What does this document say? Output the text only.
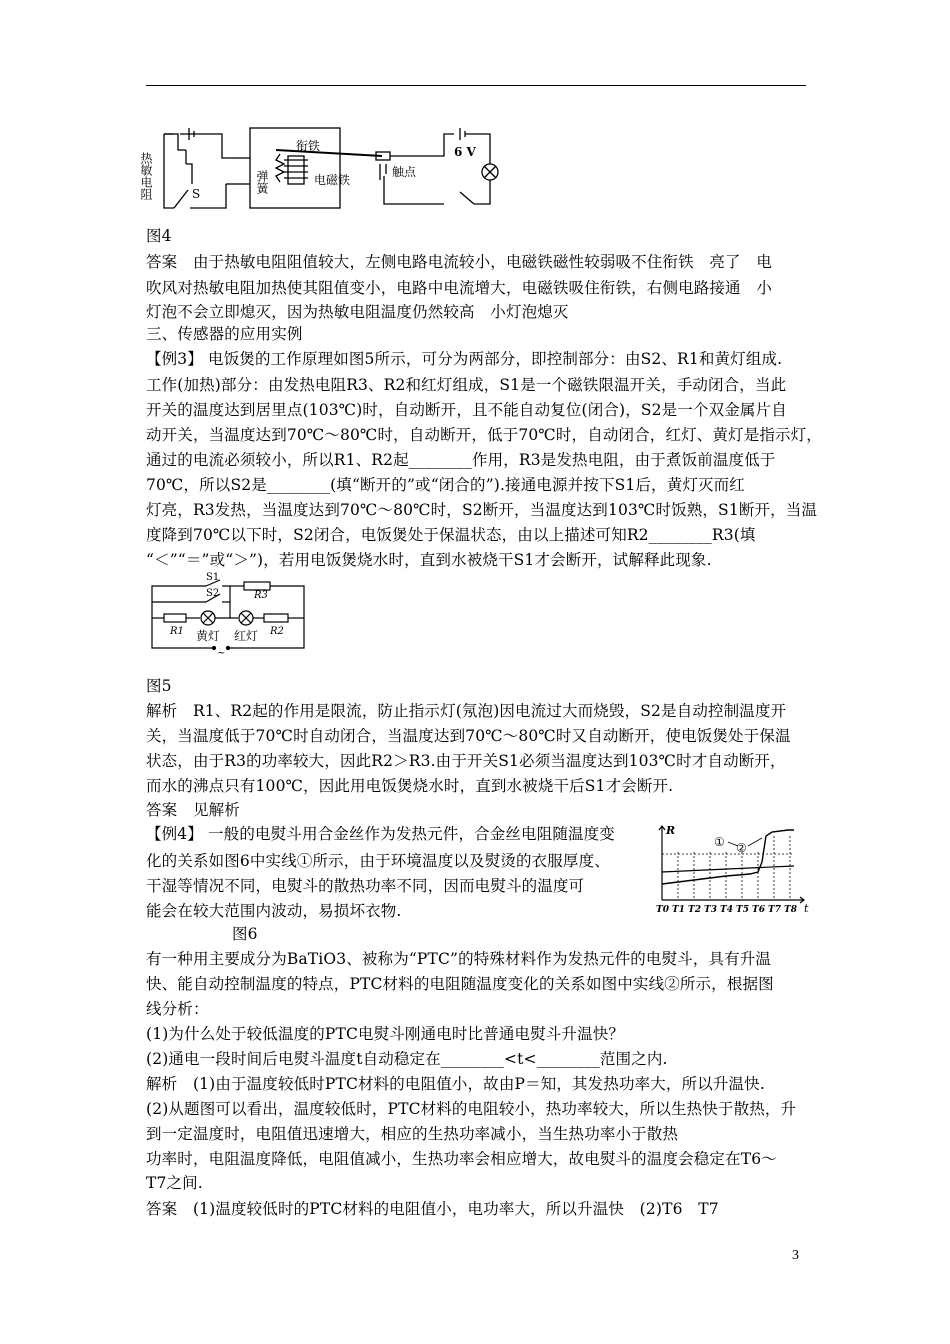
热敏电阻	S
衔铁
弹簧	电磁铁
触点
6 V
S1
S2	R3
R1	R2
黄灯 红灯
~
R
t
① ②
T0 T1 T2 T3 T4 T5 T6 T7 T8
图4
答案　由于热敏电阻阻值较大，左侧电路电流较小，电磁铁磁性较弱吸不住衔铁　亮了　电
吹风对热敏电阻加热使其阻值变小，电路中电流增大，电磁铁吸住衔铁，右侧电路接通　小
灯泡不会立即熄灭，因为热敏电阻温度仍然较高　小灯泡熄灭
三、传感器的应用实例
【例3】 电饭煲的工作原理如图5所示，可分为两部分，即控制部分：由S2、R1和黄灯组成.
工作(加热)部分：由发热电阻R3、R2和红灯组成，S1是一个磁铁限温开关，手动闭合，当此
开关的温度达到居里点(103℃)时，自动断开，且不能自动复位(闭合)，S2是一个双金属片自
动开关，当温度达到70℃～80℃时，自动断开，低于70℃时，自动闭合，红灯、黄灯是指示灯，
通过的电流必须较小，所以R1、R2起________作用，R3是发热电阻，由于煮饭前温度低于
70℃，所以S2是________(填“断开的”或“闭合的”).接通电源并按下S1后，黄灯灭而红
灯亮，R3发热，当温度达到70℃～80℃时，S2断开，当温度达到103℃时饭熟，S1断开，当温
度降到70℃以下时，S2闭合，电饭煲处于保温状态，由以上描述可知R2________R3(填
“＜”“＝”或“＞”)，若用电饭煲烧水时，直到水被烧干S1才会断开，试解释此现象.
图5
解析　R1、R2起的作用是限流，防止指示灯(氖泡)因电流过大而烧毁，S2是自动控制温度开
关，当温度低于70℃时自动闭合，当温度达到70℃～80℃时又自动断开，使电饭煲处于保温
状态，由于R3的功率较大，因此R2＞R3.由于开关S1必须当温度达到103℃时才自动断开，
而水的沸点只有100℃，因此用电饭煲烧水时，直到水被烧干后S1才会断开.
答案　见解析
【例4】 一般的电熨斗用合金丝作为发热元件，合金丝电阻随温度变
化的关系如图6中实线①所示，由于环境温度以及熨烫的衣服厚度、
干湿等情况不同，电熨斗的散热功率不同，因而电熨斗的温度可
能会在较大范围内波动，易损坏衣物.
图6
有一种用主要成分为BaTiO3、被称为“PTC”的特殊材料作为发热元件的电熨斗，具有升温
快、能自动控制温度的特点，PTC材料的电阻随温度变化的关系如图中实线②所示，根据图
线分析：
(1)为什么处于较低温度的PTC电熨斗刚通电时比普通电熨斗升温快？
(2)通电一段时间后电熨斗温度t自动稳定在________<t<________范围之内.
解析　(1)由于温度较低时PTC材料的电阻值小，故由P＝知，其发热功率大，所以升温快.
(2)从题图可以看出，温度较低时，PTC材料的电阻较小，热功率较大，所以生热快于散热，升
到一定温度时，电阻值迅速增大，相应的生热功率减小，当生热功率小于散热
功率时，电阻温度降低，电阻值减小，生热功率会相应增大，故电熨斗的温度会稳定在T6～
T7之间.
答案　(1)温度较低时的PTC材料的电阻值小，电功率大，所以升温快　(2)T6　T7
3
